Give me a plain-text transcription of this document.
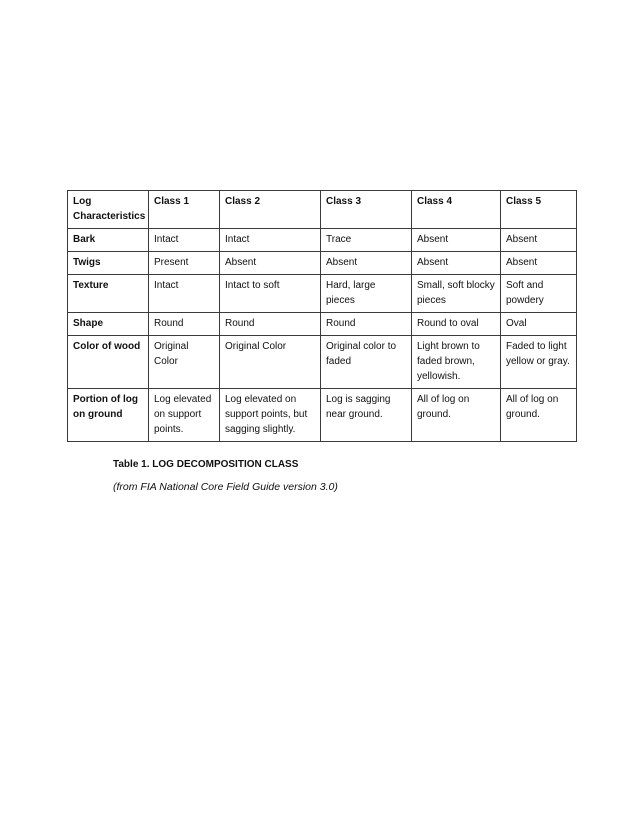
Log Characteristics	Class 1	Class 2	Class 3	Class 4	Class 5
Bark	Intact	Intact	Trace	Absent	Absent
Twigs	Present	Absent	Absent	Absent	Absent
Texture	Intact	Intact to soft	Hard, large pieces	Small, soft blocky pieces	Soft and powdery
Shape	Round	Round	Round	Round to oval	Oval
Color of wood	Original Color	Original Color	Original color to faded	Light brown to faded brown, yellowish.	Faded to light yellow or gray.
Portion of log on ground	Log elevated on support points.	Log elevated on support points, but sagging slightly.	Log is sagging near ground.	All of log on ground.	All of log on ground.
Table 1. LOG DECOMPOSITION CLASS
(from FIA National Core Field Guide version 3.0)
